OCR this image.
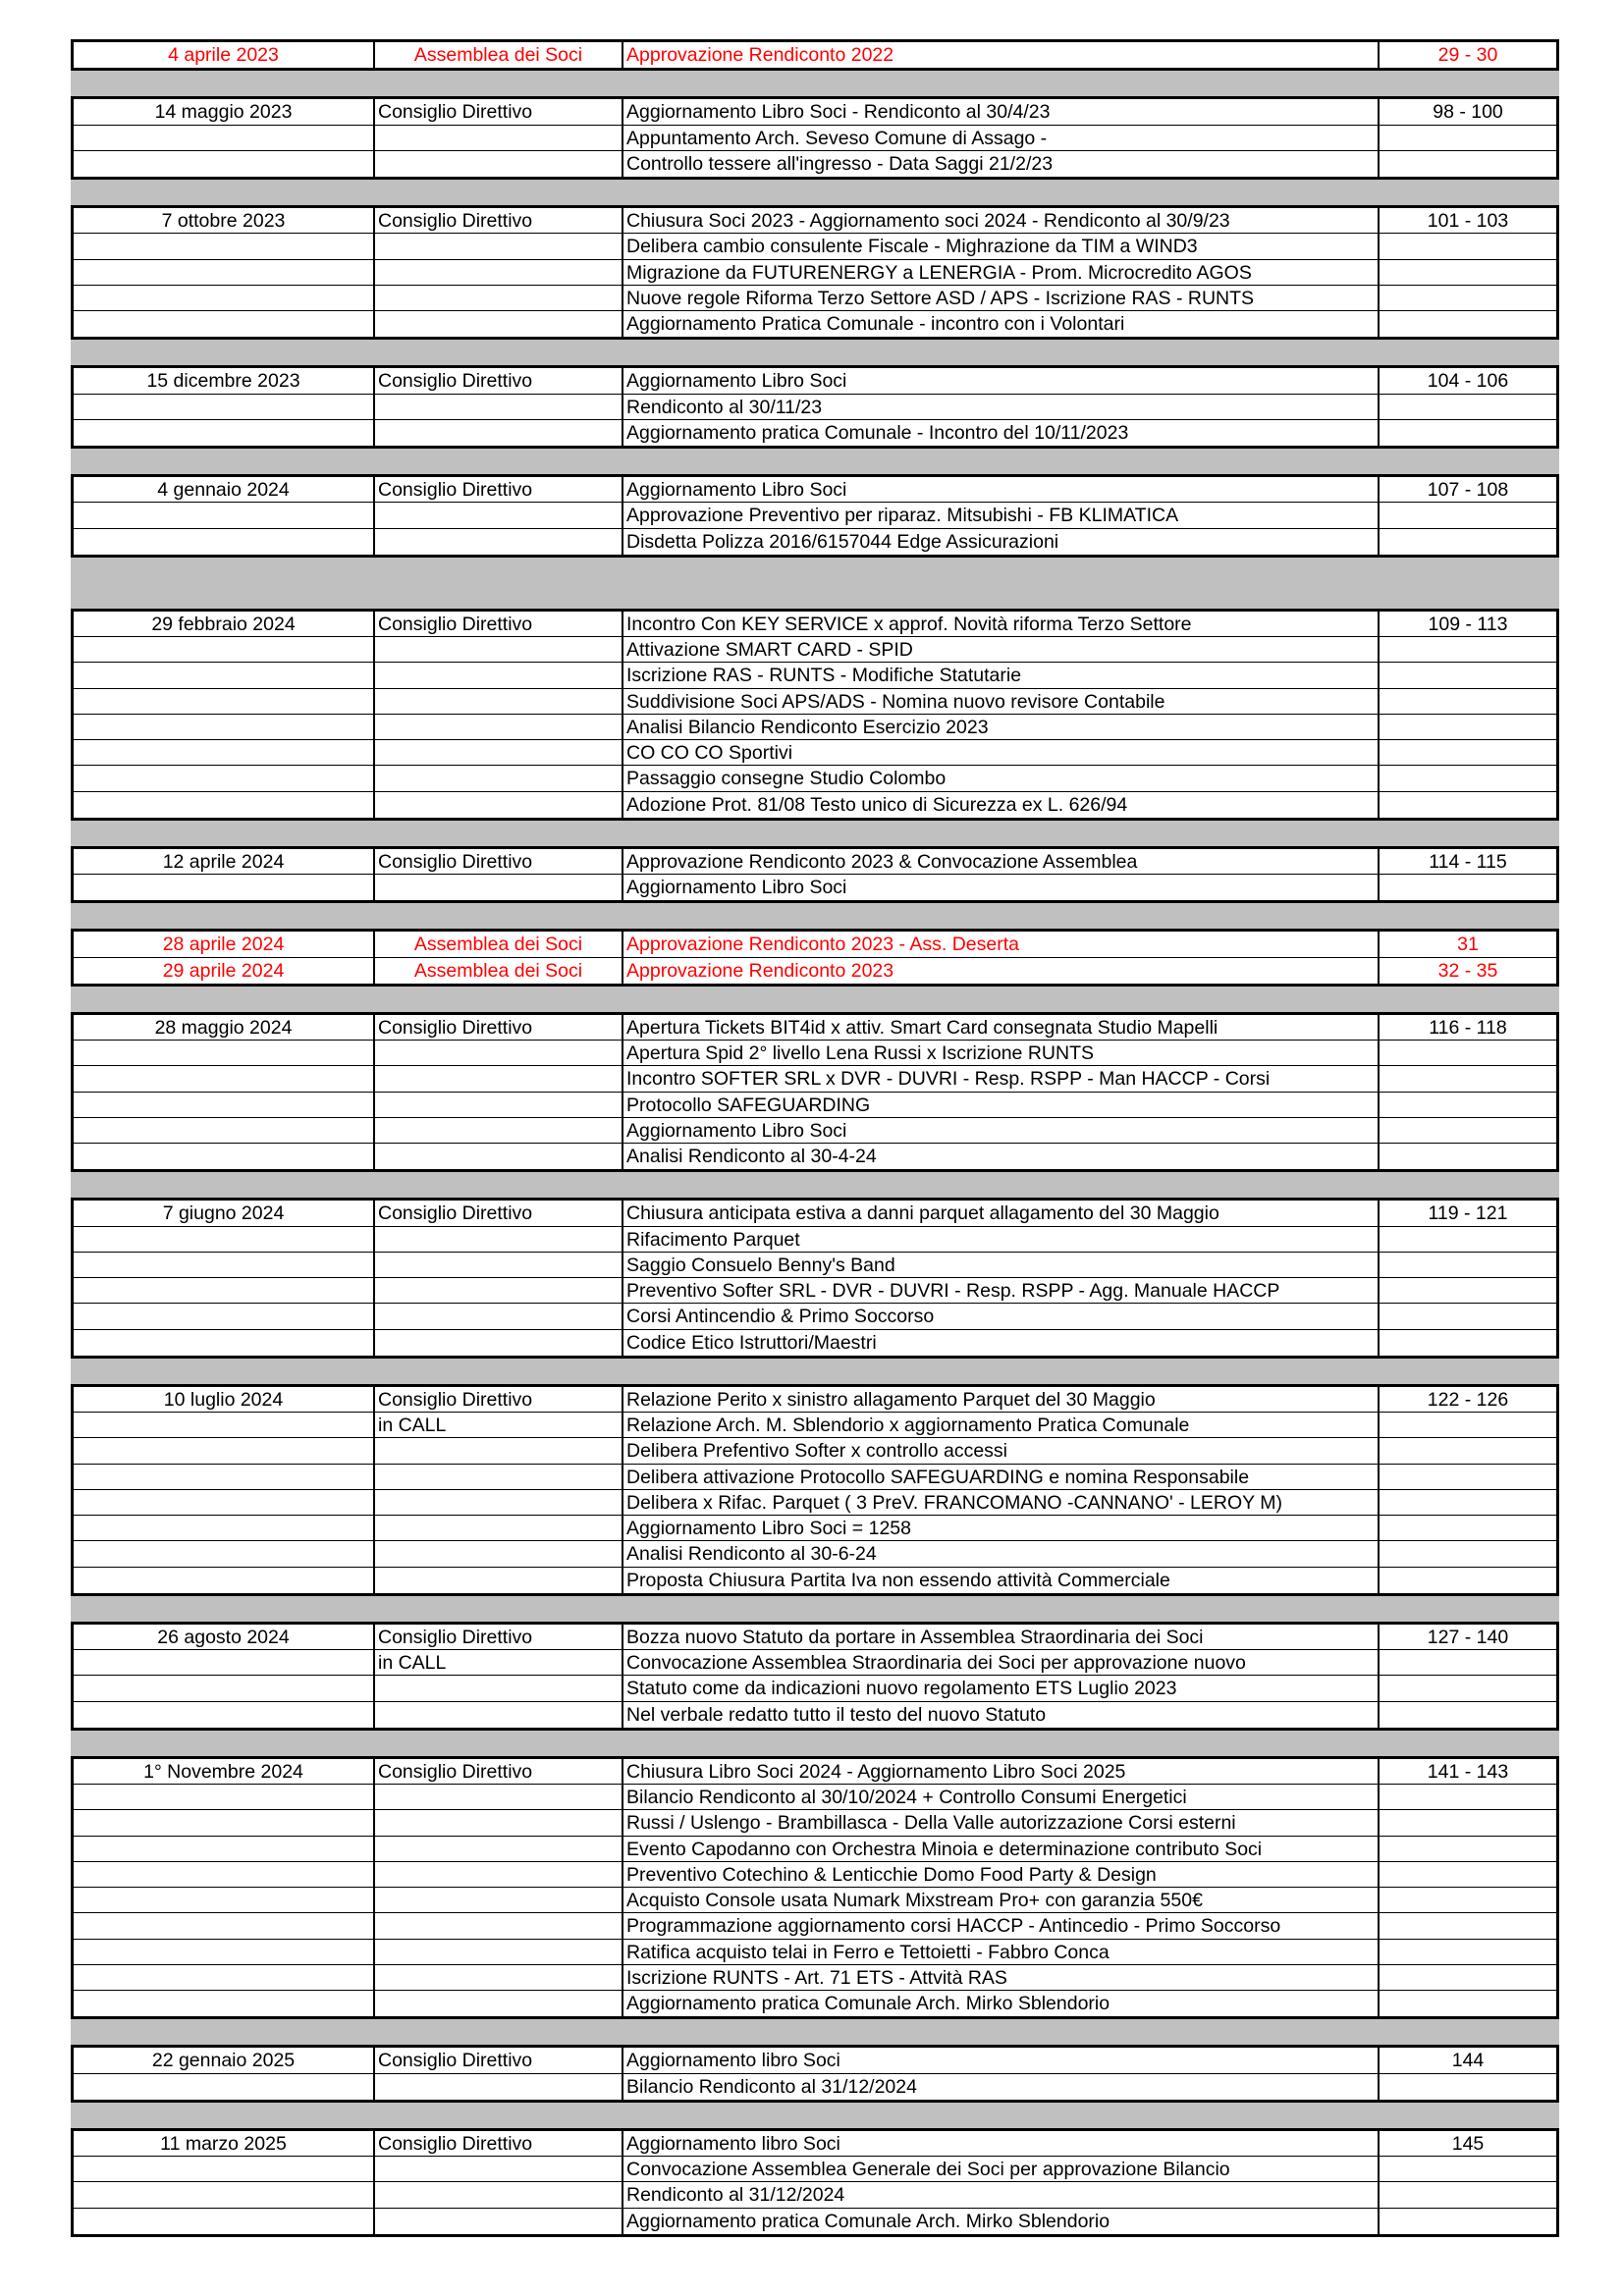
4 aprile 2023	Assemblea dei Soci	Approvazione Rendiconto 2022	29 - 30
14 maggio 2023	Consiglio Direttivo	Aggiornamento Libro Soci - Rendiconto al 30/4/23	98 - 100
Appuntamento Arch. Seveso Comune di Assago -
Controllo tessere all'ingresso - Data Saggi 21/2/23
7 ottobre 2023	Consiglio Direttivo	Chiusura Soci 2023 - Aggiornamento soci 2024 - Rendiconto al 30/9/23	101 - 103
Delibera cambio consulente Fiscale - Mighrazione da TIM a WIND3
Migrazione da FUTURENERGY a LENERGIA - Prom. Microcredito AGOS
Nuove regole Riforma Terzo Settore ASD / APS - Iscrizione RAS - RUNTS
Aggiornamento Pratica Comunale - incontro con i Volontari
15 dicembre 2023	Consiglio Direttivo	Aggiornamento Libro Soci	104 - 106
Rendiconto al 30/11/23
Aggiornamento pratica Comunale - Incontro del 10/11/2023
4 gennaio 2024	Consiglio Direttivo	Aggiornamento Libro Soci	107 - 108
Approvazione Preventivo per riparaz. Mitsubishi - FB KLIMATICA
Disdetta Polizza 2016/6157044 Edge Assicurazioni
29 febbraio 2024	Consiglio Direttivo	Incontro Con KEY SERVICE x approf. Novità riforma Terzo Settore	109 - 113
Attivazione SMART CARD - SPID
Iscrizione RAS - RUNTS - Modifiche Statutarie
Suddivisione Soci APS/ADS - Nomina nuovo revisore Contabile
Analisi Bilancio Rendiconto Esercizio 2023
CO CO CO Sportivi
Passaggio consegne Studio Colombo
Adozione Prot. 81/08 Testo unico di Sicurezza ex L. 626/94
12 aprile 2024	Consiglio Direttivo	Approvazione Rendiconto 2023 & Convocazione Assemblea	114 - 115
Aggiornamento Libro Soci
28 aprile 2024	Assemblea dei Soci	Approvazione Rendiconto 2023 - Ass. Deserta	31
29 aprile 2024	Assemblea dei Soci	Approvazione Rendiconto 2023	32 - 35
28 maggio 2024	Consiglio Direttivo	Apertura Tickets BIT4id x attiv. Smart Card consegnata Studio Mapelli	116 - 118
Apertura Spid 2° livello Lena Russi x Iscrizione RUNTS
Incontro SOFTER SRL x DVR - DUVRI - Resp. RSPP - Man HACCP - Corsi
Protocollo SAFEGUARDING
Aggiornamento Libro Soci
Analisi Rendiconto al 30-4-24
7 giugno 2024	Consiglio Direttivo	Chiusura anticipata estiva a danni parquet allagamento del 30 Maggio	119 - 121
Rifacimento Parquet
Saggio Consuelo Benny's Band
Preventivo Softer SRL - DVR - DUVRI - Resp. RSPP - Agg. Manuale HACCP
Corsi Antincendio & Primo Soccorso
Codice Etico Istruttori/Maestri
10 luglio 2024	Consiglio Direttivo	Relazione Perito x sinistro allagamento Parquet del 30 Maggio	122 - 126
in CALL	Relazione Arch. M. Sblendorio x aggiornamento Pratica Comunale
Delibera Prefentivo Softer x controllo accessi
Delibera attivazione Protocollo SAFEGUARDING e nomina Responsabile
Delibera x Rifac. Parquet ( 3 PreV. FRANCOMANO -CANNANO' - LEROY M)
Aggiornamento Libro Soci = 1258
Analisi Rendiconto al 30-6-24
Proposta Chiusura Partita Iva non essendo attività Commerciale
26 agosto 2024	Consiglio Direttivo	Bozza nuovo Statuto da portare in Assemblea Straordinaria dei Soci	127 - 140
in CALL	Convocazione Assemblea Straordinaria dei Soci per approvazione nuovo
Statuto come da indicazioni nuovo regolamento ETS Luglio 2023
Nel verbale redatto tutto il testo del nuovo Statuto
1° Novembre 2024	Consiglio Direttivo	Chiusura Libro Soci 2024 - Aggiornamento Libro Soci 2025	141 - 143
Bilancio Rendiconto al 30/10/2024 + Controllo Consumi Energetici
Russi / Uslengo - Brambillasca - Della Valle autorizzazione Corsi esterni
Evento Capodanno con Orchestra Minoia e determinazione contributo Soci
Preventivo Cotechino & Lenticchie Domo Food Party & Design
Acquisto Console usata Numark Mixstream Pro+ con garanzia 550€
Programmazione aggiornamento corsi HACCP - Antincedio - Primo Soccorso
Ratifica acquisto telai in Ferro e Tettoietti - Fabbro Conca
Iscrizione RUNTS - Art. 71 ETS - Attvità RAS
Aggiornamento pratica Comunale Arch. Mirko Sblendorio
22 gennaio 2025	Consiglio Direttivo	Aggiornamento libro Soci	144
Bilancio Rendiconto al 31/12/2024
11 marzo 2025	Consiglio Direttivo	Aggiornamento libro Soci	145
Convocazione Assemblea Generale dei Soci per approvazione Bilancio
Rendiconto al 31/12/2024
Aggiornamento pratica Comunale Arch. Mirko Sblendorio
